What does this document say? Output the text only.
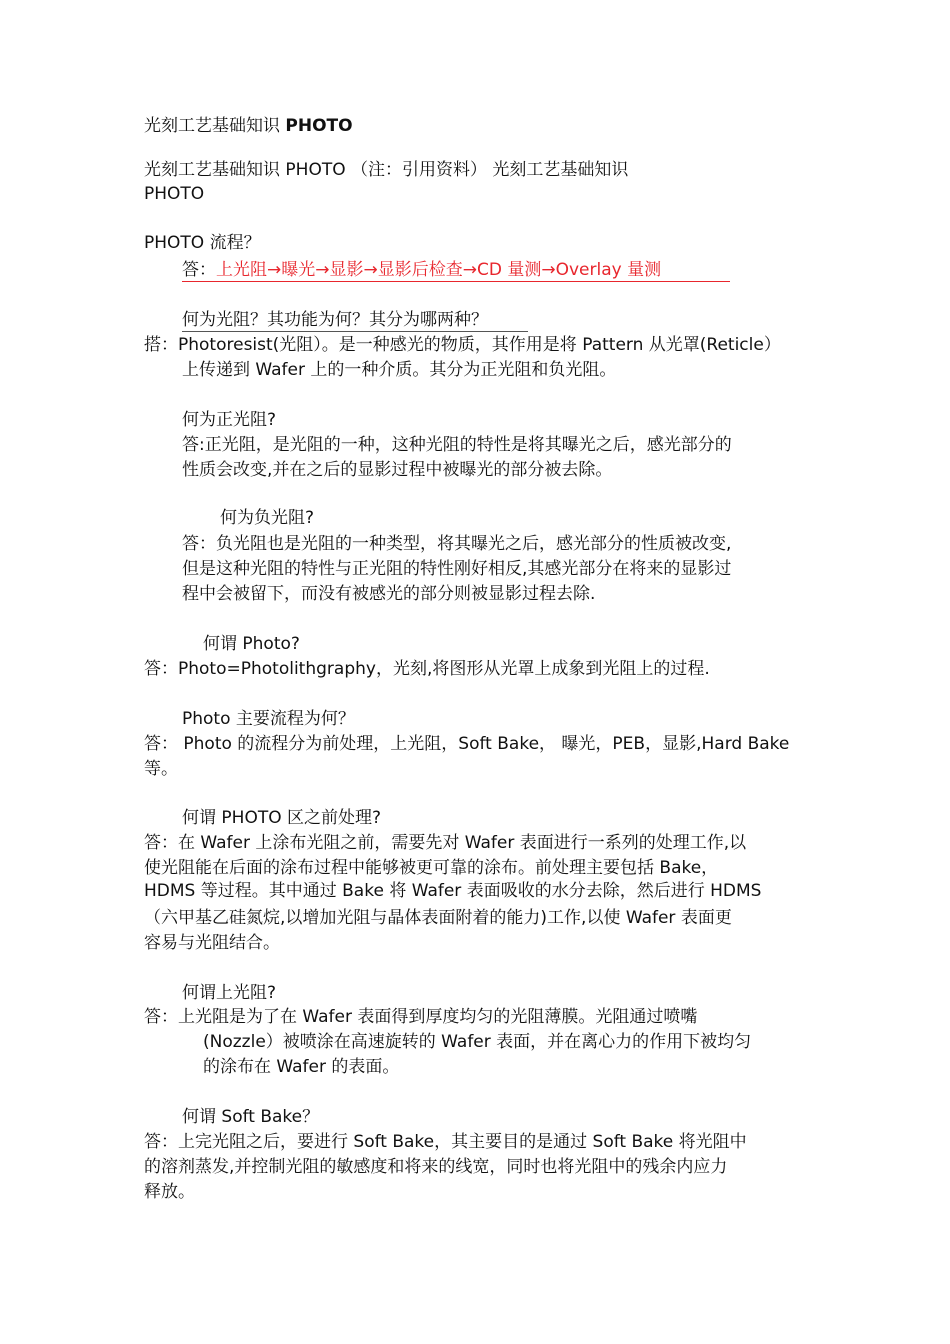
光刻工艺基础知识 PHOTO
光刻工艺基础知识 PHOTO （注：引用资料） 光刻工艺基础知识
PHOTO
PHOTO 流程？
答：上光阻→曝光→显影→显影后检查→CD 量测→Overlay 量测
何为光阻？其功能为何？其分为哪两种？
搭：Photoresist(光阻）。是一种感光的物质，其作用是将 Pattern 从光罩(Reticle）
上传递到 Wafer 上的一种介质。其分为正光阻和负光阻。
何为正光阻?
答:正光阻，是光阻的一种，这种光阻的特性是将其曝光之后，感光部分的
性质会改变,并在之后的显影过程中被曝光的部分被去除。
何为负光阻?
答：负光阻也是光阻的一种类型，将其曝光之后，感光部分的性质被改变,
但是这种光阻的特性与正光阻的特性刚好相反,其感光部分在将来的显影过
程中会被留下，而没有被感光的部分则被显影过程去除.
何谓 Photo?
答：Photo=Photolithgraphy，光刻,将图形从光罩上成象到光阻上的过程.
Photo 主要流程为何？
答： Photo 的流程分为前处理，上光阻，Soft Bake， 曝光，PEB，显影,Hard Bake
等。
何谓 PHOTO 区之前处理?
答：在 Wafer 上涂布光阻之前，需要先对 Wafer 表面进行一系列的处理工作,以
使光阻能在后面的涂布过程中能够被更可靠的涂布。前处理主要包括 Bake，
HDMS 等过程。其中通过 Bake 将 Wafer 表面吸收的水分去除，然后进行 HDMS
（六甲基乙硅氮烷,以增加光阻与晶体表面附着的能力)工作,以使 Wafer 表面更
容易与光阻结合。
何谓上光阻?
答：上光阻是为了在 Wafer 表面得到厚度均匀的光阻薄膜。光阻通过喷嘴
(Nozzle）被喷涂在高速旋转的 Wafer 表面，并在离心力的作用下被均匀
的涂布在 Wafer 的表面。
何谓 Soft Bake？
答：上完光阻之后，要进行 Soft Bake，其主要目的是通过 Soft Bake 将光阻中
的溶剂蒸发,并控制光阻的敏感度和将来的线宽，同时也将光阻中的残余内应力
释放。
